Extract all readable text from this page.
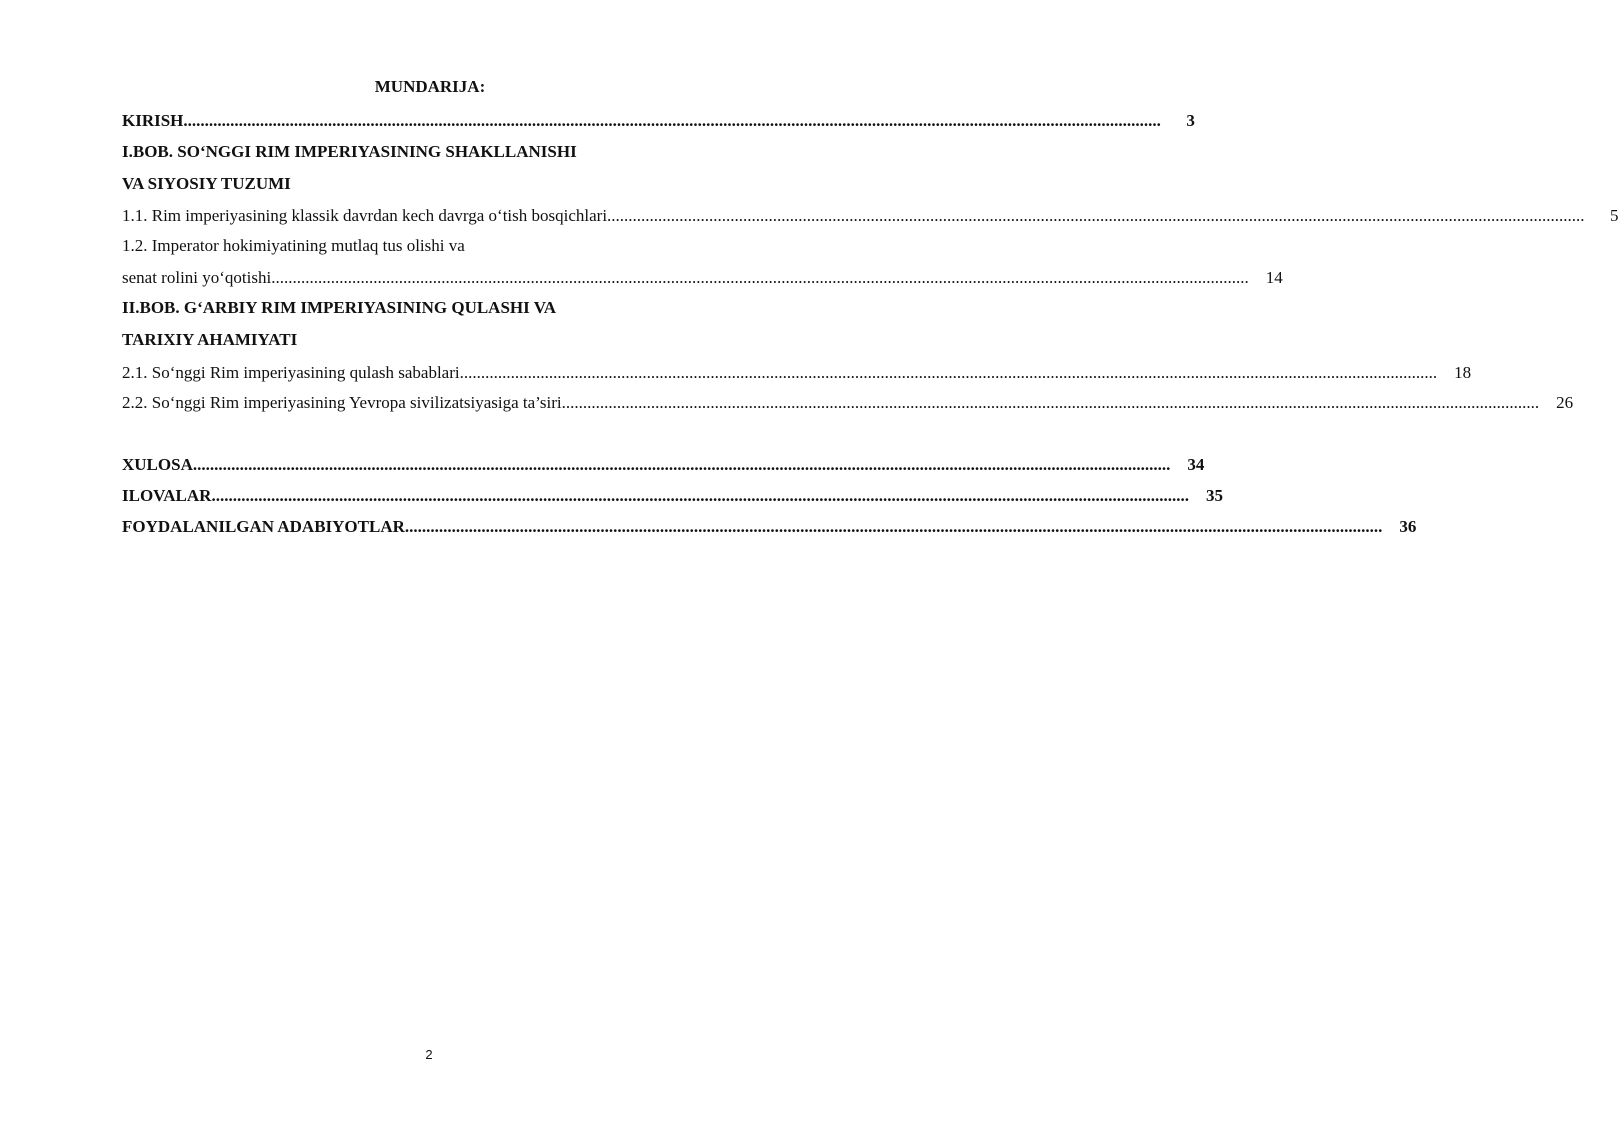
MUNDARIJA:
KIRISH .....	3
I.BOB. SO‘NGGI RIM IMPERIYASINING SHAKLLANISHI
VA SIYOSIY TUZUMI
1.1. Rim imperiyasining klassik davrdan kech davrga o‘tish bosqichlari .....	5
1.2. Imperator hokimiyatining mutlaq tus olishi va
senat rolini yo‘qotishi .....	14
II.BOB. G‘ARBIY RIM IMPERIYASINING QULASHI VA
TARIXIY AHAMIYATI
2.1. So‘nggi Rim imperiyasining qulash sabablari .....	18
2.2. So‘nggi Rim imperiyasining Yevropa sivilizatsiyasiga ta’siri .....	26
XULOSA .....	34
ILOVALAR .....	35
FOYDALANILGAN ADABIYOTLAR .....	36
2
